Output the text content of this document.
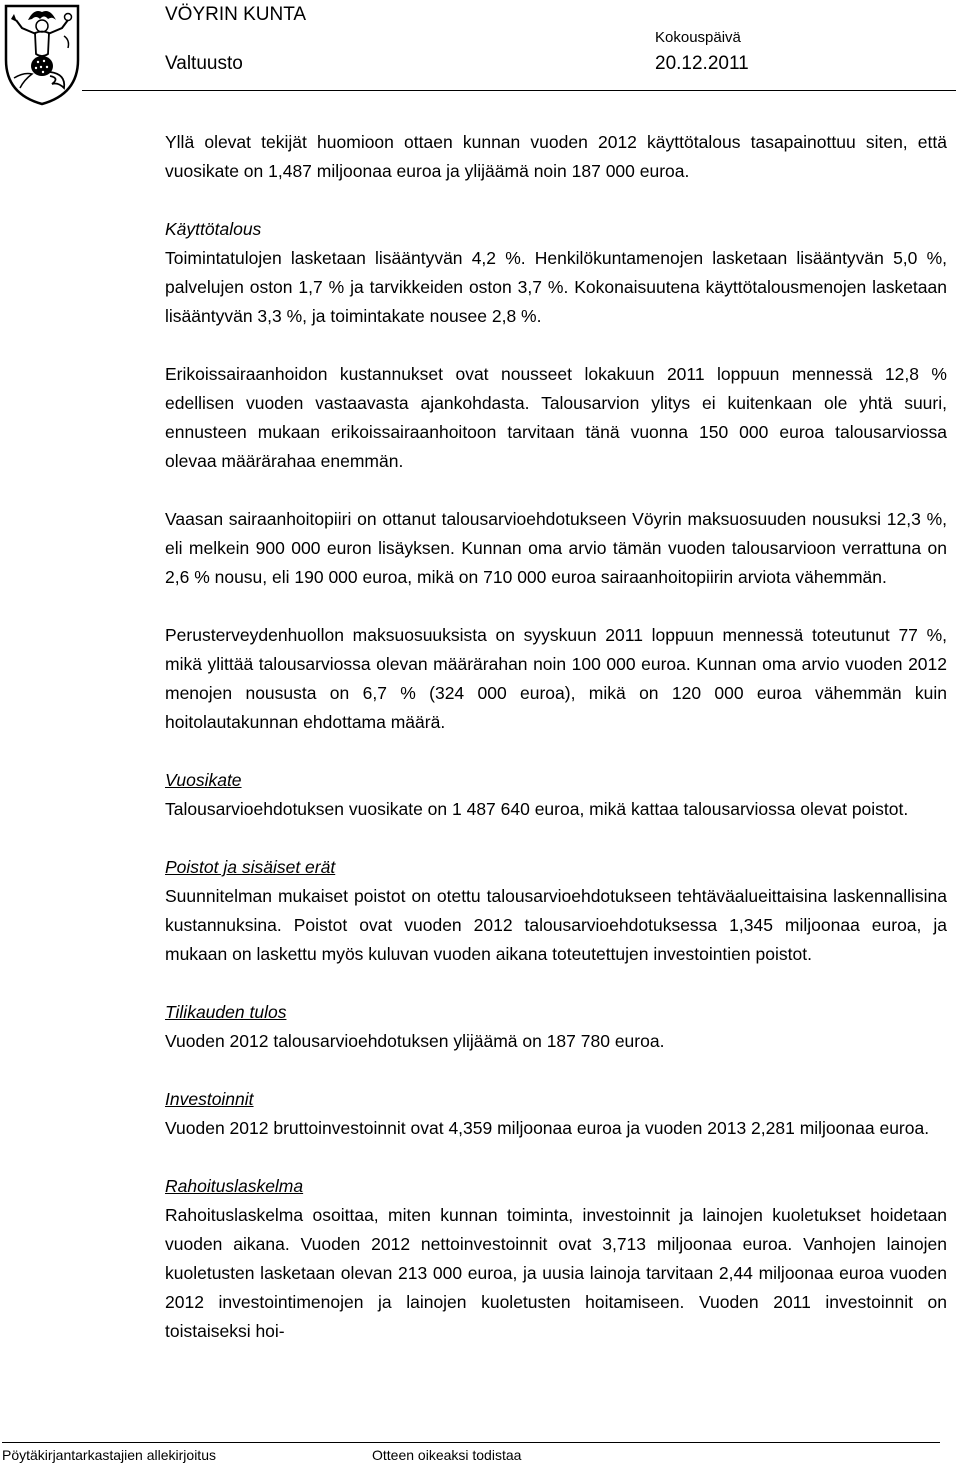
VÖYRIN KUNTA
Valtuusto
Kokouspäivä
20.12.2011

Yllä olevat tekijät huomioon ottaen kunnan vuoden 2012 käyttötalous tasapainottuu siten, että vuosikate on 1,487 miljoonaa euroa ja ylijäämä noin 187 000 euroa.

Käyttötalous
Toimintatulojen lasketaan lisääntyvän 4,2 %. Henkilökuntamenojen lasketaan lisääntyvän 5,0 %, palvelujen oston 1,7 % ja tarvikkeiden oston 3,7 %. Kokonaisuutena käyttötalousmenojen lasketaan lisääntyvän 3,3 %, ja toimintakate nousee 2,8 %.

Erikoissairaanhoidon kustannukset ovat nousseet lokakuun 2011 loppuun mennessä 12,8 % edellisen vuoden vastaavasta ajankohdasta. Talousarvion ylitys ei kuitenkaan ole yhtä suuri, ennusteen mukaan erikoissairaanhoitoon tarvitaan tänä vuonna 150 000 euroa talousarviossa olevaa määrärahaa enemmän.

Vaasan sairaanhoitopiiri on ottanut talousarvioehdotukseen Vöyrin maksuosuuden nousuksi 12,3 %, eli melkein 900 000 euron lisäyksen. Kunnan oma arvio tämän vuoden talousarvioon verrattuna on 2,6 % nousu, eli 190 000 euroa, mikä on 710 000 euroa sairaanhoitopiirin arviota vähemmän.

Perusterveydenhuollon maksuosuuksista on syyskuun 2011 loppuun mennessä toteutunut 77 %, mikä ylittää talousarviossa olevan määrärahan noin 100 000 euroa. Kunnan oma arvio vuoden 2012 menojen noususta on 6,7 % (324 000 euroa), mikä on 120 000 euroa vähemmän kuin hoitolautakunnan ehdottama määrä.

Vuosikate
Talousarvioehdotuksen vuosikate on 1 487 640 euroa, mikä kattaa talousarviossa olevat poistot.

Poistot ja sisäiset erät
Suunnitelman mukaiset poistot on otettu talousarvioehdotukseen tehtäväalueittaisina laskennallisina kustannuksina. Poistot ovat vuoden 2012 talousarvioehdotuksessa 1,345 miljoonaa euroa, ja mukaan on laskettu myös kuluvan vuoden aikana toteutettujen investointien poistot.

Tilikauden tulos
Vuoden 2012 talousarvioehdotuksen ylijäämä on 187 780 euroa.

Investoinnit
Vuoden 2012 bruttoinvestoinnit ovat 4,359 miljoonaa euroa ja vuoden 2013 2,281 miljoonaa euroa.

Rahoituslaskelma
Rahoituslaskelma osoittaa, miten kunnan toiminta, investoinnit ja lainojen kuoletukset hoidetaan vuoden aikana. Vuoden 2012 nettoinvestoinnit ovat 3,713 miljoonaa euroa. Vanhojen lainojen kuoletusten lasketaan olevan 213 000 euroa, ja uusia lainoja tarvitaan 2,44 miljoonaa euroa vuoden 2012 investointimenojen ja lainojen kuoletusten hoitamiseen. Vuoden 2011 investoinnit on toistaiseksi hoi-

Pöytäkirjantarkastajien allekirjoitus	Otteen oikeaksi todistaa
